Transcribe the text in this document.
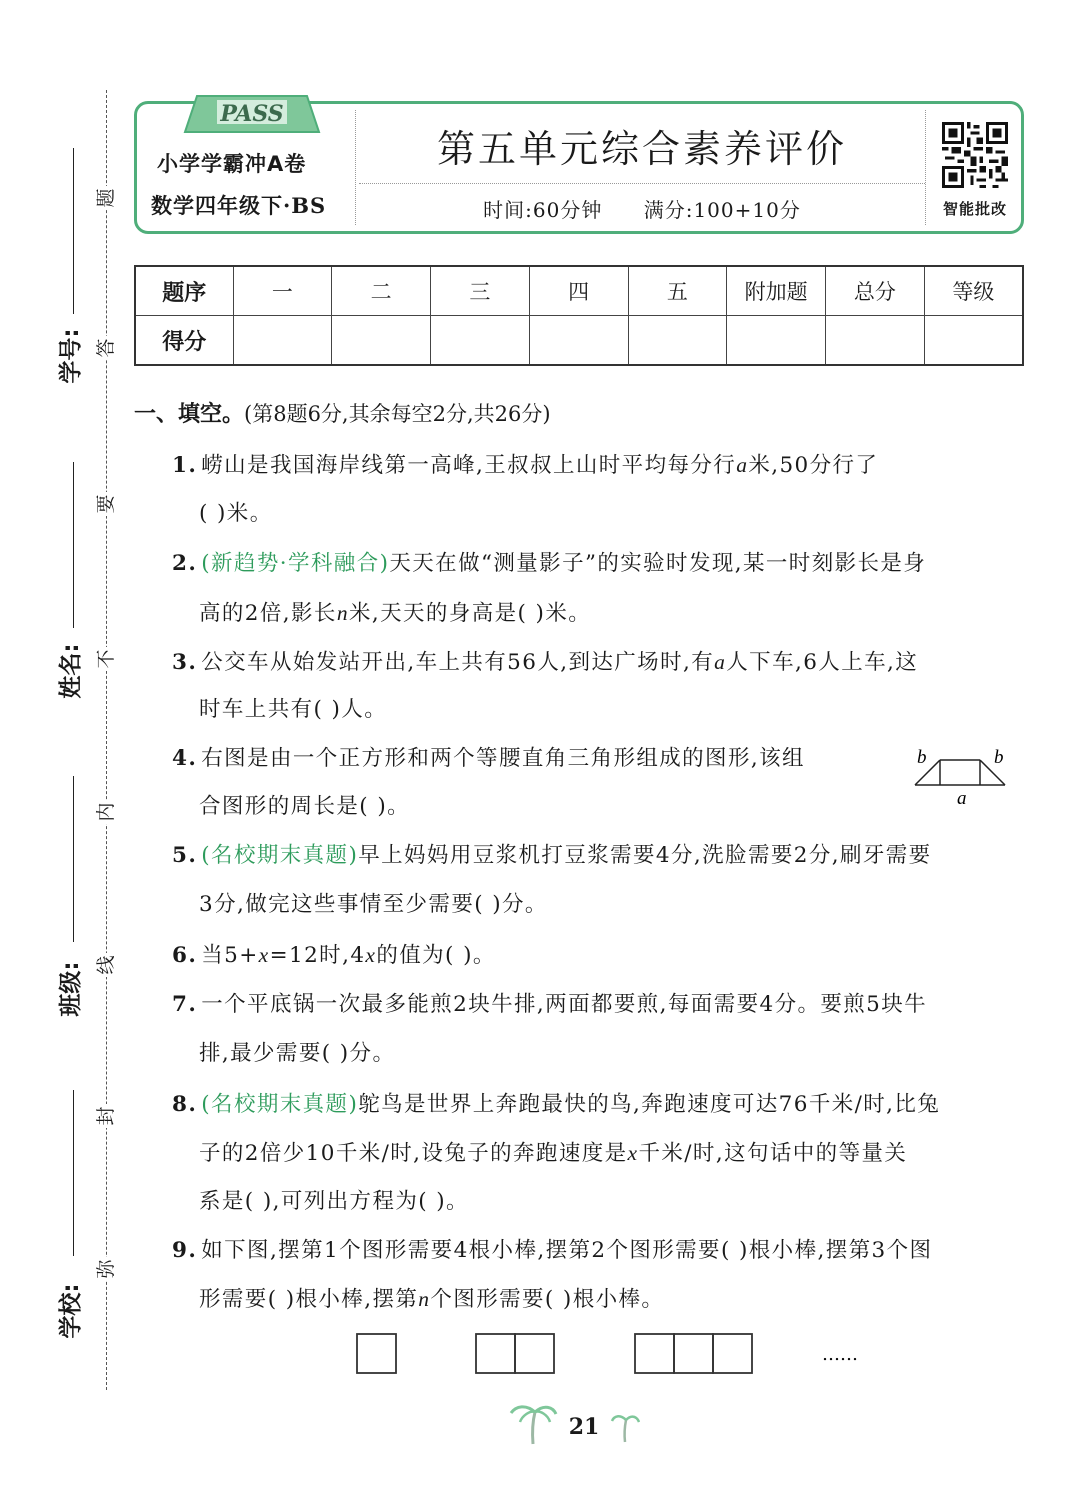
题
答
要
不
内
线
封
弥
学号:
姓名:
班级:
学校:
PASS
小学学霸冲A卷
数学四年级下·BS
第五单元综合素养评价
时间:60分钟 满分:100+10分	智能批改
题序	一	二	三	四	五	附加题	总分	等级
得分								
一、填空。(第8题6分,其余每空2分,共26分)
1. 崂山是我国海岸线第一高峰,王叔叔上山时平均每分行a米,50分行了
( )米。
2. (新趋势·学科融合)天天在做“测量影子”的实验时发现,某一时刻影长是身
高的2倍,影长n米,天天的身高是( )米。
3. 公交车从始发站开出,车上共有56人,到达广场时,有a人下车,6人上车,这
时车上共有( )人。
4. 右图是由一个正方形和两个等腰直角三角形组成的图形,该组
合图形的周长是( )。
b	b
a
5. (名校期末真题)早上妈妈用豆浆机打豆浆需要4分,洗脸需要2分,刷牙需要
3分,做完这些事情至少需要( )分。
6. 当5+x=12时,4x的值为( )。
7. 一个平底锅一次最多能煎2块牛排,两面都要煎,每面需要4分。要煎5块牛
排,最少需要( )分。
8. (名校期末真题)鸵鸟是世界上奔跑最快的鸟,奔跑速度可达76千米/时,比兔
子的2倍少10千米/时,设兔子的奔跑速度是x千米/时,这句话中的等量关
系是( ),可列出方程为( )。
9. 如下图,摆第1个图形需要4根小棒,摆第2个图形需要( )根小棒,摆第3个图
形需要( )根小棒,摆第n个图形需要( )根小棒。
……
21
